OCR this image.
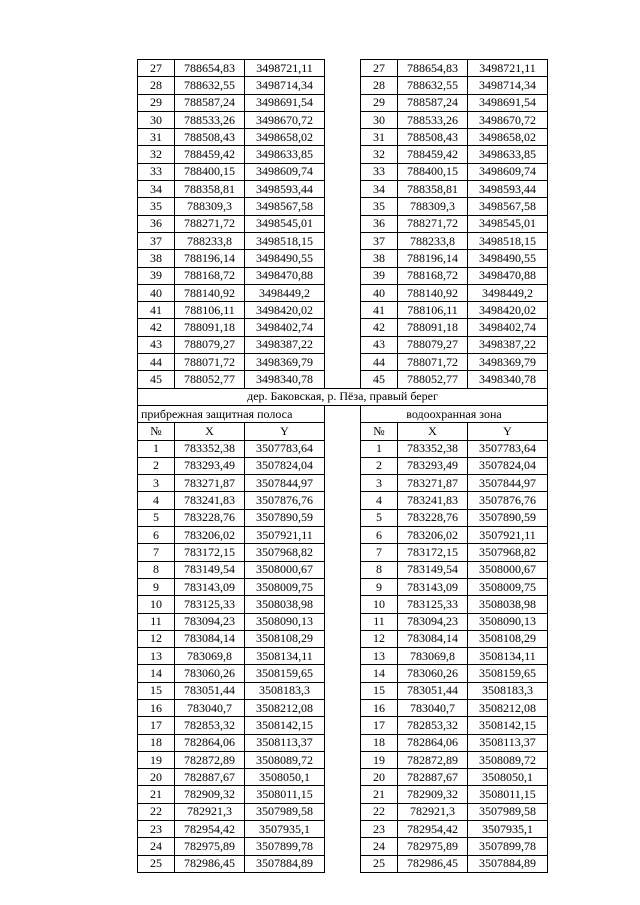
27	788654,83	3498721,11		27	788654,83	3498721,11
28	788632,55	3498714,34		28	788632,55	3498714,34
29	788587,24	3498691,54		29	788587,24	3498691,54
30	788533,26	3498670,72		30	788533,26	3498670,72
31	788508,43	3498658,02		31	788508,43	3498658,02
32	788459,42	3498633,85		32	788459,42	3498633,85
33	788400,15	3498609,74		33	788400,15	3498609,74
34	788358,81	3498593,44		34	788358,81	3498593,44
35	788309,3	3498567,58		35	788309,3	3498567,58
36	788271,72	3498545,01		36	788271,72	3498545,01
37	788233,8	3498518,15		37	788233,8	3498518,15
38	788196,14	3498490,55		38	788196,14	3498490,55
39	788168,72	3498470,88		39	788168,72	3498470,88
40	788140,92	3498449,2		40	788140,92	3498449,2
41	788106,11	3498420,02		41	788106,11	3498420,02
42	788091,18	3498402,74		42	788091,18	3498402,74
43	788079,27	3498387,22		43	788079,27	3498387,22
44	788071,72	3498369,79		44	788071,72	3498369,79
45	788052,77	3498340,78		45	788052,77	3498340,78
дер. Баковская, р. Пёза, правый берег						
прибрежная защитная полоса				водоохранная зона		
№	X	Y		№	X	Y
1	783352,38	3507783,64		1	783352,38	3507783,64
2	783293,49	3507824,04		2	783293,49	3507824,04
3	783271,87	3507844,97		3	783271,87	3507844,97
4	783241,83	3507876,76		4	783241,83	3507876,76
5	783228,76	3507890,59		5	783228,76	3507890,59
6	783206,02	3507921,11		6	783206,02	3507921,11
7	783172,15	3507968,82		7	783172,15	3507968,82
8	783149,54	3508000,67		8	783149,54	3508000,67
9	783143,09	3508009,75		9	783143,09	3508009,75
10	783125,33	3508038,98		10	783125,33	3508038,98
11	783094,23	3508090,13		11	783094,23	3508090,13
12	783084,14	3508108,29		12	783084,14	3508108,29
13	783069,8	3508134,11		13	783069,8	3508134,11
14	783060,26	3508159,65		14	783060,26	3508159,65
15	783051,44	3508183,3		15	783051,44	3508183,3
16	783040,7	3508212,08		16	783040,7	3508212,08
17	782853,32	3508142,15		17	782853,32	3508142,15
18	782864,06	3508113,37		18	782864,06	3508113,37
19	782872,89	3508089,72		19	782872,89	3508089,72
20	782887,67	3508050,1		20	782887,67	3508050,1
21	782909,32	3508011,15		21	782909,32	3508011,15
22	782921,3	3507989,58		22	782921,3	3507989,58
23	782954,42	3507935,1		23	782954,42	3507935,1
24	782975,89	3507899,78		24	782975,89	3507899,78
25	782986,45	3507884,89		25	782986,45	3507884,89
